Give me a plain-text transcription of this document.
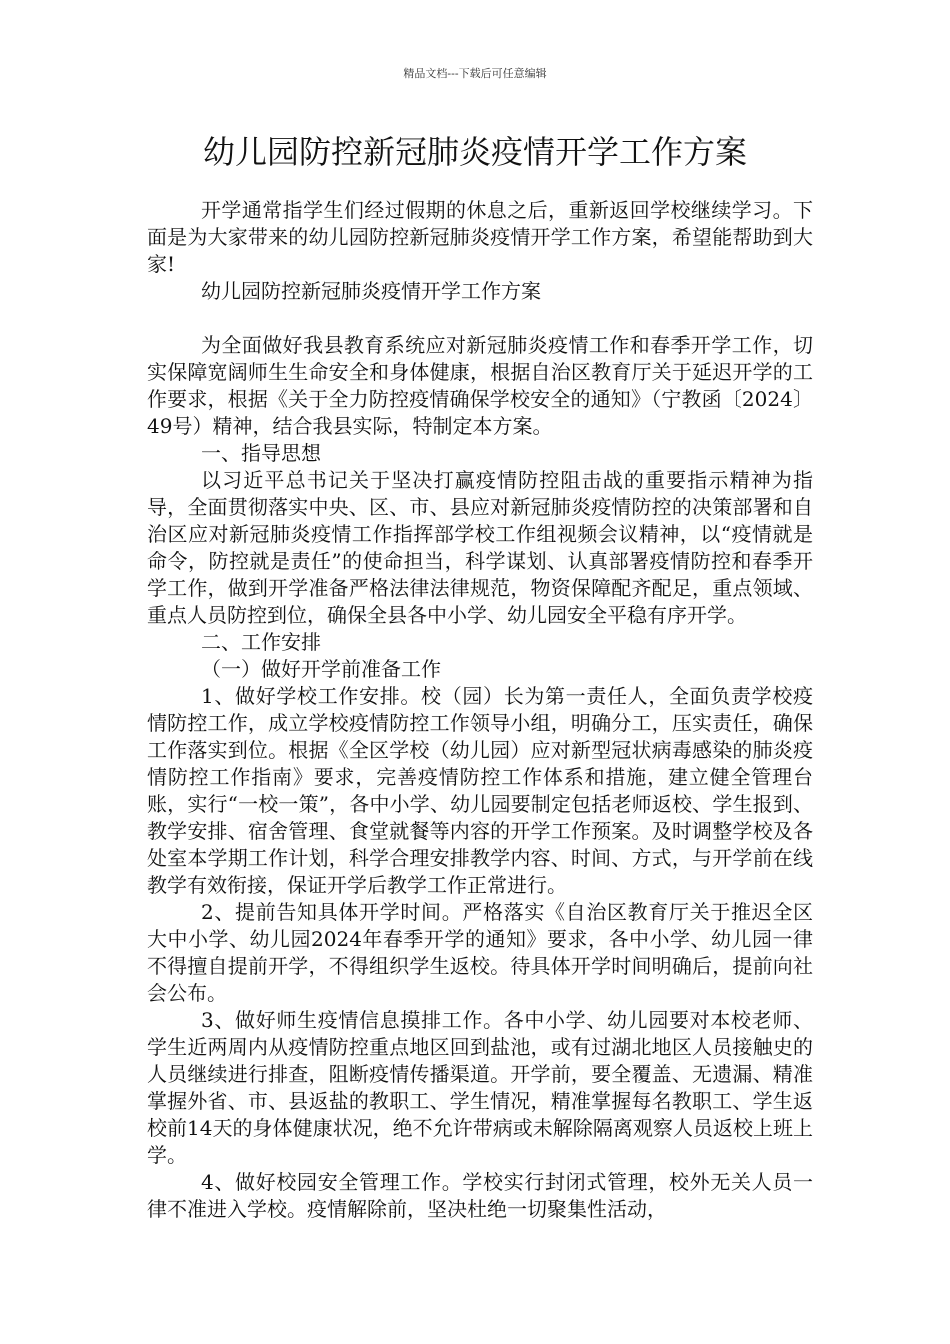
精品文档---下载后可任意编辑
幼儿园防控新冠肺炎疫情开学工作方案

开学通常指学生们经过假期的休息之后，重新返回学校继续学习。下面是为大家带来的幼儿园防控新冠肺炎疫情开学工作方案，希望能帮助到大家!

幼儿园防控新冠肺炎疫情开学工作方案

为全面做好我县教育系统应对新冠肺炎疫情工作和春季开学工作，切实保障宽阔师生生命安全和身体健康，根据自治区教育厅关于延迟开学的工作要求，根据《关于全力防控疫情确保学校安全的通知》（宁教函〔2024〕49号）精神，结合我县实际，特制定本方案。

一、指导思想

以习近平总书记关于坚决打赢疫情防控阻击战的重要指示精神为指导，全面贯彻落实中央、区、市、县应对新冠肺炎疫情防控的决策部署和自治区应对新冠肺炎疫情工作指挥部学校工作组视频会议精神，以“疫情就是命令，防控就是责任”的使命担当，科学谋划、认真部署疫情防控和春季开学工作，做到开学准备严格法律法律规范，物资保障配齐配足，重点领域、重点人员防控到位，确保全县各中小学、幼儿园安全平稳有序开学。

二、工作安排

（一）做好开学前准备工作

1、做好学校工作安排。校（园）长为第一责任人，全面负责学校疫情防控工作，成立学校疫情防控工作领导小组，明确分工，压实责任，确保工作落实到位。根据《全区学校（幼儿园）应对新型冠状病毒感染的肺炎疫情防控工作指南》要求，完善疫情防控工作体系和措施，建立健全管理台账，实行“一校一策”，各中小学、幼儿园要制定包括老师返校、学生报到、教学安排、宿舍管理、食堂就餐等内容的开学工作预案。及时调整学校及各处室本学期工作计划，科学合理安排教学内容、时间、方式，与开学前在线教学有效衔接，保证开学后教学工作正常进行。

2、提前告知具体开学时间。严格落实《自治区教育厅关于推迟全区大中小学、幼儿园2024年春季开学的通知》要求，各中小学、幼儿园一律不得擅自提前开学，不得组织学生返校。待具体开学时间明确后，提前向社会公布。

3、做好师生疫情信息摸排工作。各中小学、幼儿园要对本校老师、学生近两周内从疫情防控重点地区回到盐池，或有过湖北地区人员接触史的人员继续进行排查，阻断疫情传播渠道。开学前，要全覆盖、无遗漏、精准掌握外省、市、县返盐的教职工、学生情况，精准掌握每名教职工、学生返校前14天的身体健康状况，绝不允许带病或未解除隔离观察人员返校上班上学。

4、做好校园安全管理工作。学校实行封闭式管理，校外无关人员一律不准进入学校。疫情解除前，坚决杜绝一切聚集性活动，
